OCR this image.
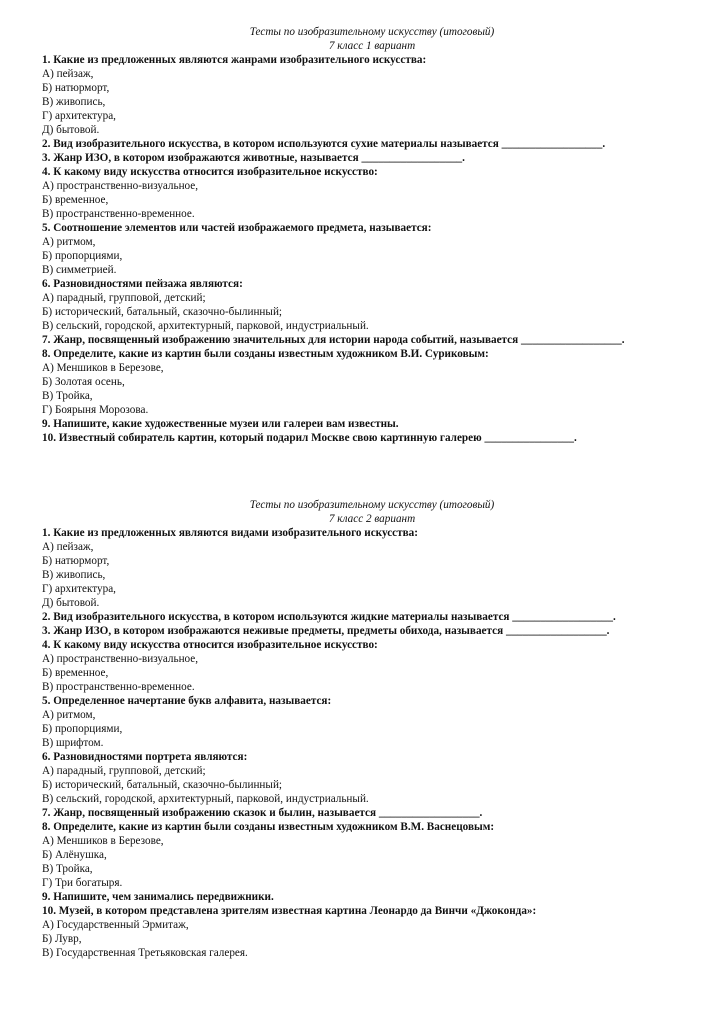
Тесты по изобразительному искусству (итоговый)

7 класс 1 вариант

1. Какие из предложенных являются жанрами изобразительного искусства:

А) пейзаж,

Б) натюрморт,

В) живопись,

Г) архитектура,

Д) бытовой.

2. Вид изобразительного искусства, в котором используются сухие материалы называется __________________.

3. Жанр ИЗО, в котором изображаются животные, называется __________________.

4. К какому виду искусства относится изобразительное искусство:

А) пространственно-визуальное,

Б) временное,

В) пространственно-временное.

5. Соотношение элементов или частей изображаемого предмета, называется:

А) ритмом,

Б) пропорциями,

В) симметрией.

6. Разновидностями пейзажа являются:

А) парадный, групповой, детский;

Б) исторический, батальный, сказочно-былинный;

В) сельский, городской, архитектурный, парковой, индустриальный.

7. Жанр, посвященный изображению значительных для истории народа событий, называется __________________.

8. Определите, какие из картин были созданы известным художником В.И. Суриковым:

А) Меншиков в Березове,

Б) Золотая осень,

В) Тройка,

Г) Боярыня Морозова.

9. Напишите, какие художественные музеи или галереи вам известны.

10. Известный собиратель картин, который подарил Москве свою картинную галерею ________________.

Тесты по изобразительному искусству (итоговый)

7 класс 2 вариант

1. Какие из предложенных являются видами изобразительного искусства:

А) пейзаж,

Б) натюрморт,

В) живопись,

Г) архитектура,

Д) бытовой.

2. Вид изобразительного искусства, в котором используются жидкие материалы называется __________________.

3. Жанр ИЗО, в котором изображаются неживые предметы, предметы обихода, называется __________________.

4. К какому виду искусства относится изобразительное искусство:

А) пространственно-визуальное,

Б) временное,

В) пространственно-временное.

5. Определенное начертание букв алфавита, называется:

А) ритмом,

Б) пропорциями,

В) шрифтом.

6. Разновидностями портрета являются:

А) парадный, групповой, детский;

Б) исторический, батальный, сказочно-былинный;

В) сельский, городской, архитектурный, парковой, индустриальный.

7. Жанр, посвященный изображению сказок и былин, называется __________________.

8. Определите, какие из картин были созданы известным художником В.М. Васнецовым:

А) Меншиков в Березове,

Б) Алёнушка,

В) Тройка,

Г) Три богатыря.

9. Напишите, чем занимались передвижники.

10. Музей, в котором представлена зрителям известная картина Леонардо да Винчи «Джоконда»:

А) Государственный Эрмитаж,

Б) Лувр,

В) Государственная Третьяковская галерея.
